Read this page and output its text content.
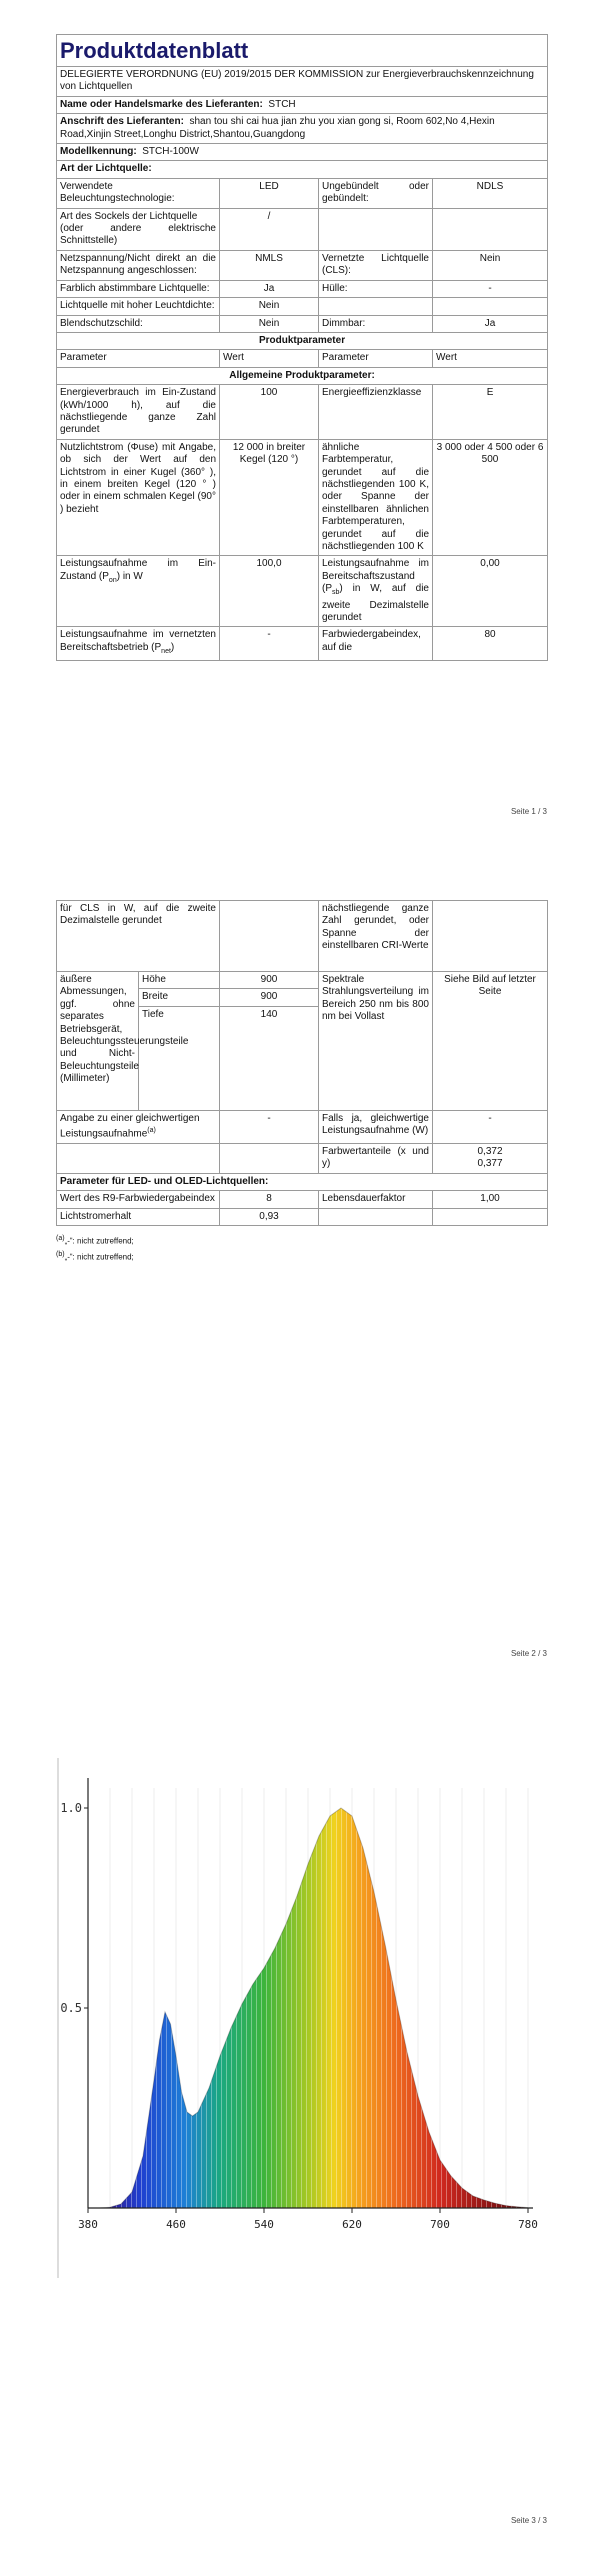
Produktdatenblatt			
DELEGIERTE VERORDNUNG (EU) 2019/2015 DER KOMMISSION zur Energieverbrauchskennzeichnung von Lichtquellen			
Name oder Handelsmarke des Lieferanten: STCH			
Anschrift des Lieferanten: shan tou shi cai hua jian zhu you xian gong si, Room 602,No 4,Hexin Road,Xinjin Street,Longhu District,Shantou,Guangdong			
Modellkennung: STCH-100W			
Art der Lichtquelle:			
Verwendete Beleuchtungstechnologie:	LED	Ungebündelt oder gebündelt:	NDLS
Art des Sockels der Lichtquelle
(oder andere elektrische Schnittstelle)	/		
Netzspannung/Nicht direkt an die Netzspannung angeschlossen:	NMLS	Vernetzte Lichtquelle (CLS):	Nein
Farblich abstimmbare Lichtquelle:	Ja	Hülle:	-
Lichtquelle mit hoher Leuchtdichte:	Nein		
Blendschutzschild:	Nein	Dimmbar:	Ja
Produktparameter			
Parameter	Wert	Parameter	Wert
Allgemeine Produktparameter:			
Energieverbrauch im Ein-Zustand (kWh/1000 h), auf die nächstliegende ganze Zahl gerundet	100	Energieeffizienzklasse	E
Nutzlichtstrom (Φuse) mit Angabe, ob sich der Wert auf den Lichtstrom in einer Kugel (360° ), in einem breiten Kegel (120 ° ) oder in einem schmalen Kegel (90° ) bezieht	12 000 in breiter Kegel (120 °)	ähnliche Farbtemperatur, gerundet auf die nächstliegenden 100 K, oder Spanne der einstellbaren ähnlichen Farbtemperaturen, gerundet auf die nächstliegenden 100 K	3 000 oder 4 500 oder 6 500
Leistungsaufnahme im Ein-Zustand $(P_{on})$ in W	100,0	Leistungsaufnahme im Bereitschaftszustand $(P_{sb})$ in W, auf die zweite Dezimalstelle gerundet	0,00
Leistungsaufnahme im vernetzten Bereitschaftsbetrieb $(P_{net})$	-	Farbwiedergabeindex, auf die	80
Seite 1 / 3
für CLS in W, auf die zweite Dezimalstelle gerundet			nächstliegende ganze Zahl gerundet, oder Spanne der einstellbaren CRI-Werte	
äußere Abmessungen, ggf. ohne separates Betriebsgerät, Beleuchtungssteuerungsteile und Nicht-Beleuchtungsteile (Millimeter)	Höhe	900	Spektrale Strahlungsverteilung im Bereich 250 nm bis 800 nm bei Vollast	Siehe Bild auf letzter Seite
	Breite	900		
	Tiefe	140		
Angabe zu einer gleichwertigen Leistungsaufnahme$^{(a)}$		-	Falls ja, gleichwertige Leistungsaufnahme (W)	-
			Farbwertanteile (x und y)	0,372
0,377
Parameter für LED- und OLED-Lichtquellen:				
Wert des R9-Farbwiedergabeindex		8	Lebensdauerfaktor	1,00
Lichtstromerhalt		0,93		
$^{(a)}$„-“: nicht zutreffend;
$^{(b)}$„-“: nicht zutreffend;
Seite 2 / 3
380	460	540	620	700	780
0.5
1.0
Seite 3 / 3
